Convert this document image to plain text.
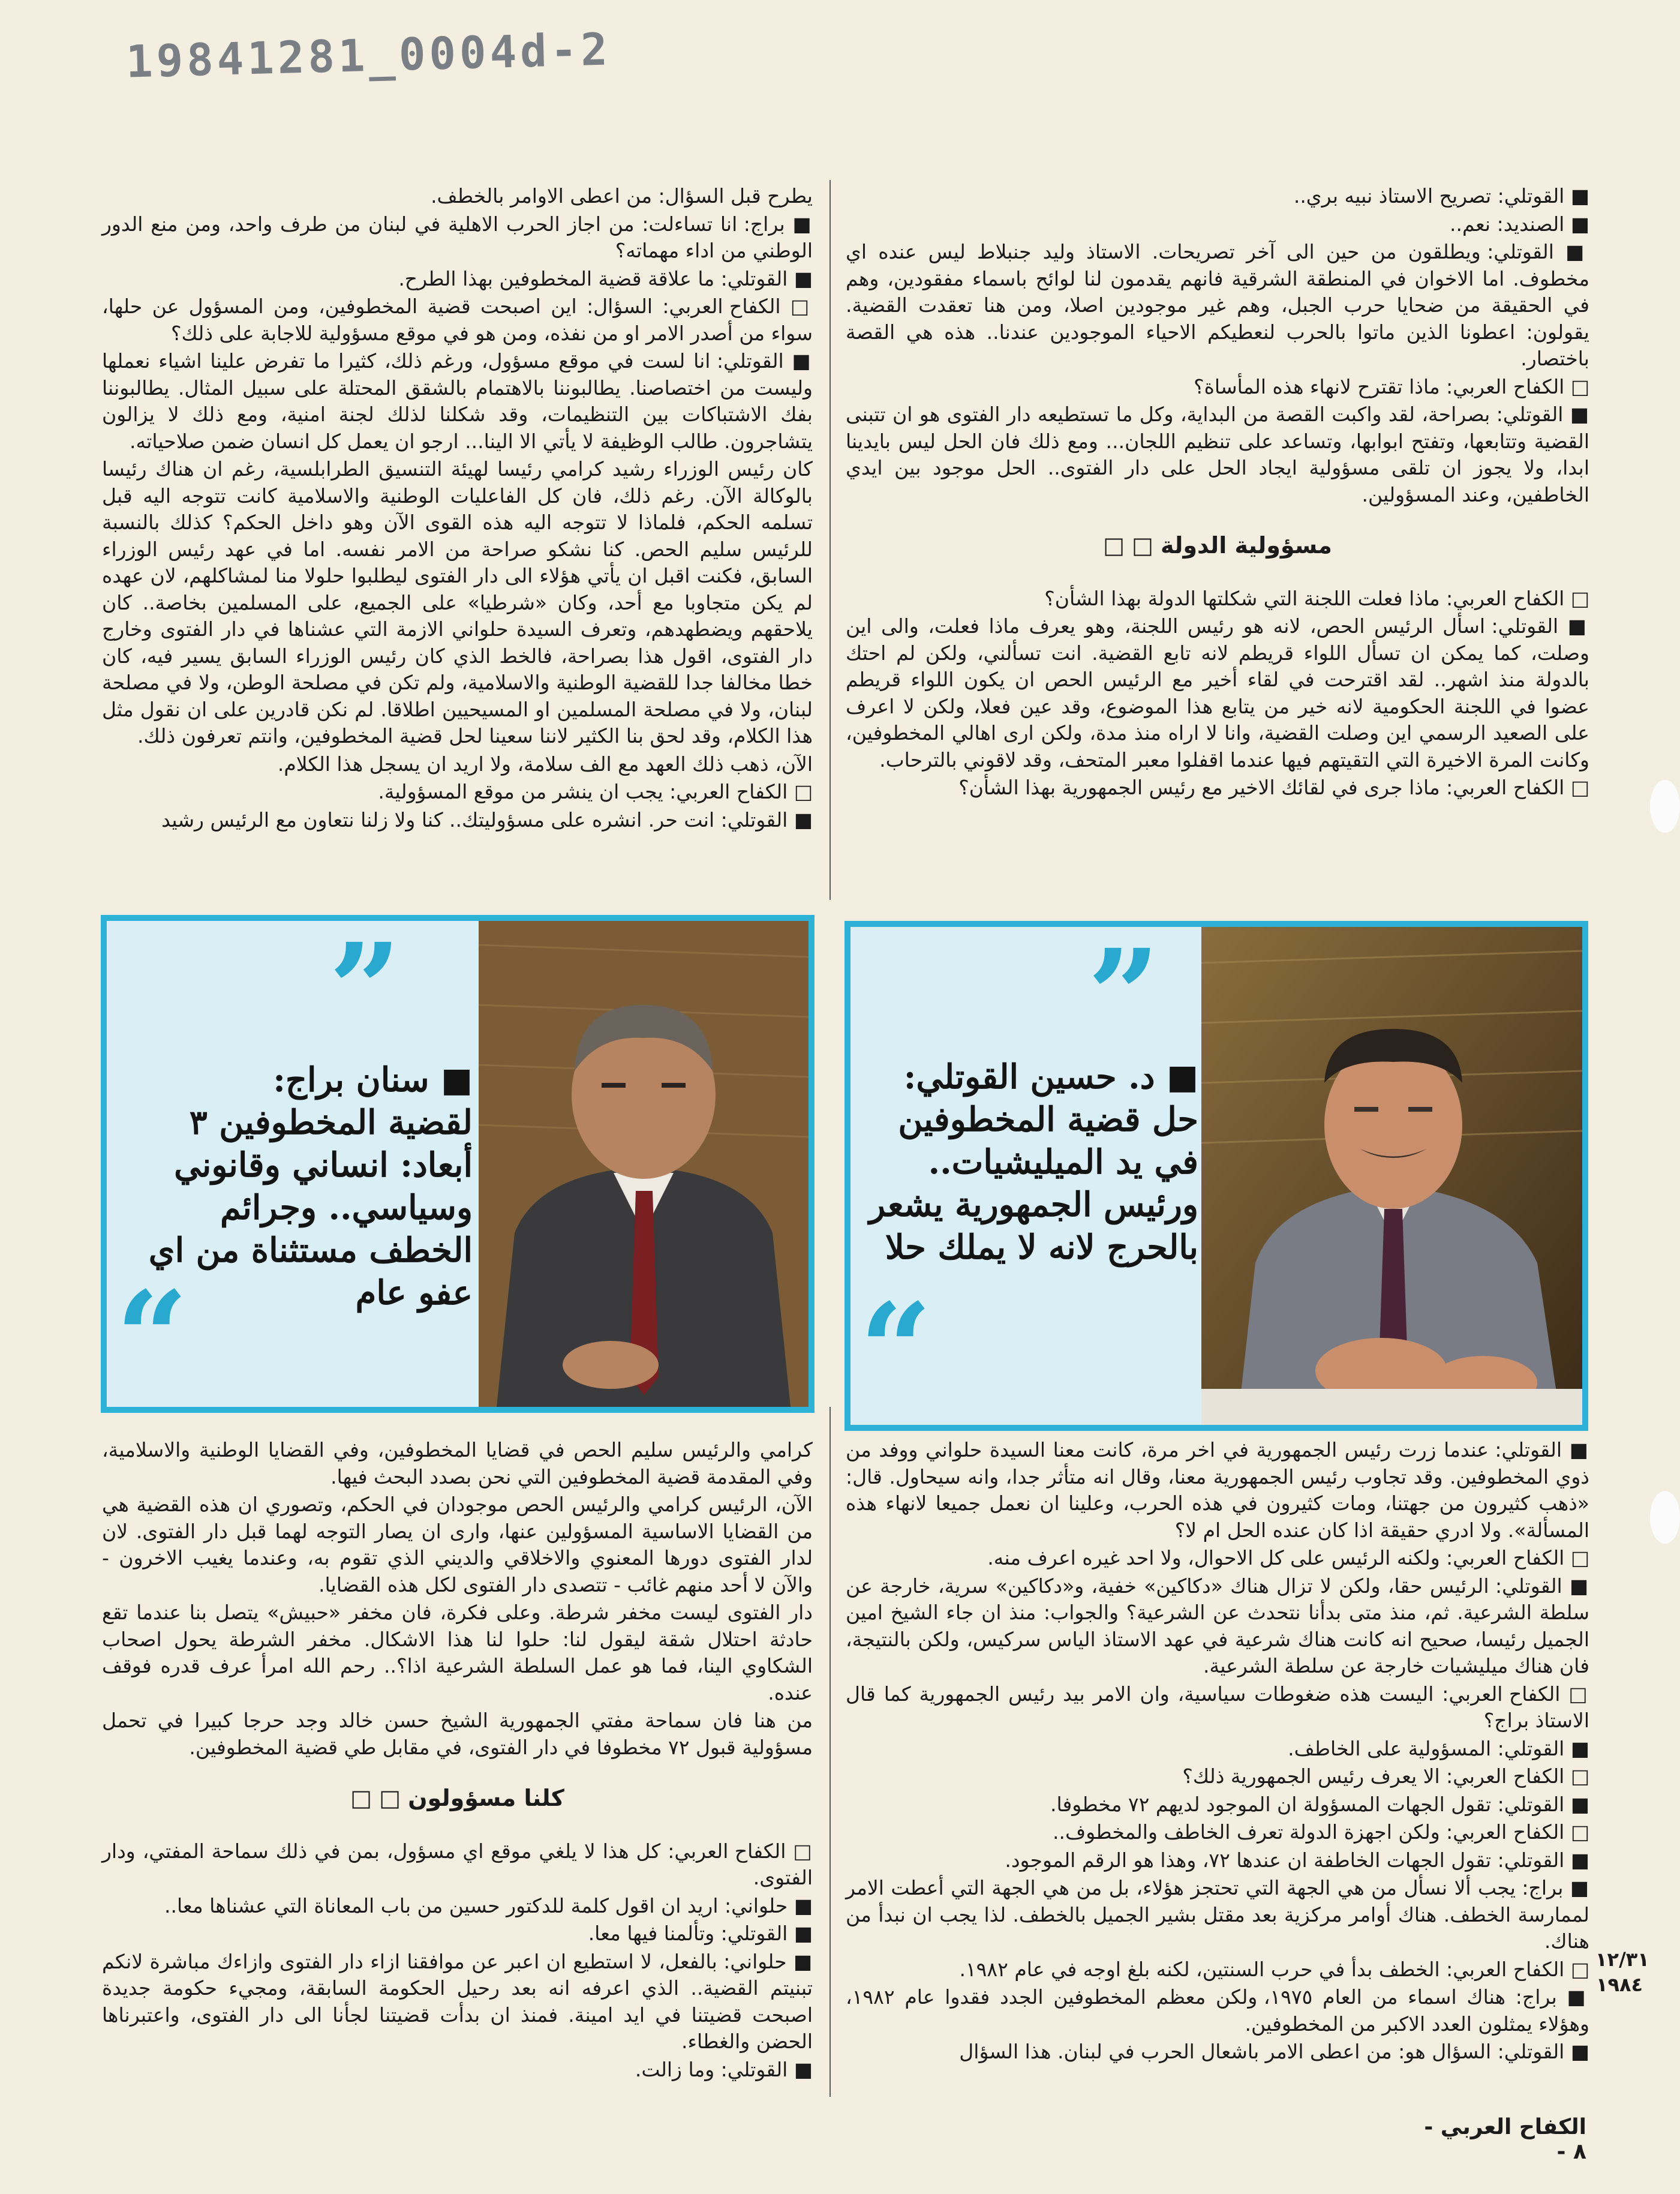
19841281_0004d-2

■ القوتلي: تصريح الاستاذ نبيه بري..

■ الصنديد: نعم..

■ القوتلي: ويطلقون من حين الى آخر تصريحات. الاستاذ وليد جنبلاط ليس عنده اي مخطوف. اما الاخوان في المنطقة الشرقية فانهم يقدمون لنا لوائح باسماء مفقودين، وهم في الحقيقة من ضحايا حرب الجبل، وهم غير موجودين اصلا، ومن هنا تعقدت القضية. يقولون: اعطونا الذين ماتوا بالحرب لنعطيكم الاحياء الموجودين عندنا.. هذه هي القصة باختصار.

□ الكفاح العربي: ماذا تقترح لانهاء هذه المأساة؟

■ القوتلي: بصراحة، لقد واكبت القصة من البداية، وكل ما تستطيعه دار الفتوى هو ان تتبنى القضية وتتابعها، وتفتح ابوابها، وتساعد على تنظيم اللجان... ومع ذلك فان الحل ليس بايدينا ابدا، ولا يجوز ان تلقى مسؤولية ايجاد الحل على دار الفتوى.. الحل موجود بين ايدي الخاطفين، وعند المسؤولين.

مسؤولية الدولة □ □

□ الكفاح العربي: ماذا فعلت اللجنة التي شكلتها الدولة بهذا الشأن؟

■ القوتلي: اسأل الرئيس الحص، لانه هو رئيس اللجنة، وهو يعرف ماذا فعلت، والى اين وصلت، كما يمكن ان تسأل اللواء قريطم لانه تابع القضية. انت تسألني، ولكن لم احتك بالدولة منذ اشهر.. لقد اقترحت في لقاء أخير مع الرئيس الحص ان يكون اللواء قريطم عضوا في اللجنة الحكومية لانه خير من يتابع هذا الموضوع، وقد عين فعلا، ولكن لا اعرف على الصعيد الرسمي اين وصلت القضية، وانا لا اراه منذ مدة، ولكن ارى اهالي المخطوفين، وكانت المرة الاخيرة التي التقيتهم فيها عندما اقفلوا معبر المتحف، وقد لاقوني بالترحاب.

□ الكفاح العربي: ماذا جرى في لقائك الاخير مع رئيس الجمهورية بهذا الشأن؟

يطرح قبل السؤال: من اعطى الاوامر بالخطف.

■ براج: انا تساءلت: من اجاز الحرب الاهلية في لبنان من طرف واحد، ومن منع الدور الوطني من اداء مهماته؟

■ القوتلي: ما علاقة قضية المخطوفين بهذا الطرح.

□ الكفاح العربي: السؤال: اين اصبحت قضية المخطوفين، ومن المسؤول عن حلها، سواء من أصدر الامر او من نفذه، ومن هو في موقع مسؤولية للاجابة على ذلك؟

■ القوتلي: انا لست في موقع مسؤول، ورغم ذلك، كثيرا ما تفرض علينا اشياء نعملها وليست من اختصاصنا. يطالبوننا بالاهتمام بالشقق المحتلة على سبيل المثال. يطالبوننا بفك الاشتباكات بين التنظيمات، وقد شكلنا لذلك لجنة امنية، ومع ذلك لا يزالون يتشاجرون. طالب الوظيفة لا يأتي الا الينا... ارجو ان يعمل كل انسان ضمن صلاحياته.

كان رئيس الوزراء رشيد كرامي رئيسا لهيئة التنسيق الطرابلسية، رغم ان هناك رئيسا بالوكالة الآن. رغم ذلك، فان كل الفاعليات الوطنية والاسلامية كانت تتوجه اليه قبل تسلمه الحكم، فلماذا لا تتوجه اليه هذه القوى الآن وهو داخل الحكم؟ كذلك بالنسبة للرئيس سليم الحص. كنا نشكو صراحة من الامر نفسه. اما في عهد رئيس الوزراء السابق، فكنت اقبل ان يأتي هؤلاء الى دار الفتوى ليطلبوا حلولا منا لمشاكلهم، لان عهده لم يكن متجاوبا مع أحد، وكان «شرطيا» على الجميع، على المسلمين بخاصة.. كان يلاحقهم ويضطهدهم، وتعرف السيدة حلواني الازمة التي عشناها في دار الفتوى وخارج دار الفتوى، اقول هذا بصراحة، فالخط الذي كان رئيس الوزراء السابق يسير فيه، كان خطا مخالفا جدا للقضية الوطنية والاسلامية، ولم تكن في مصلحة الوطن، ولا في مصلحة لبنان، ولا في مصلحة المسلمين او المسيحيين اطلاقا. لم نكن قادرين على ان نقول مثل هذا الكلام، وقد لحق بنا الكثير لاننا سعينا لحل قضية المخطوفين، وانتم تعرفون ذلك.

الآن، ذهب ذلك العهد مع الف سلامة، ولا اريد ان يسجل هذا الكلام.

□ الكفاح العربي: يجب ان ينشر من موقع المسؤولية.

■ القوتلي: انت حر. انشره على مسؤوليتك.. كنا ولا زلنا نتعاون مع الرئيس رشيد

”
■ د. حسين القوتلي:
حل قضية المخطوفين في يد الميليشيات.. ورئيس الجمهورية يشعر بالحرج لانه لا يملك حلا
“
”
■ سنان براج:
لقضية المخطوفين ٣ أبعاد: انساني وقانوني وسياسي.. وجرائم الخطف مستثناة من اي عفو عام
“

■ القوتلي: عندما زرت رئيس الجمهورية في اخر مرة، كانت معنا السيدة حلواني ووفد من ذوي المخطوفين. وقد تجاوب رئيس الجمهورية معنا، وقال انه متأثر جدا، وانه سيحاول. قال: «ذهب كثيرون من جهتنا، ومات كثيرون في هذه الحرب، وعلينا ان نعمل جميعا لانهاء هذه المسألة». ولا ادري حقيقة اذا كان عنده الحل ام لا؟

□ الكفاح العربي: ولكنه الرئيس على كل الاحوال، ولا احد غيره اعرف منه.

■ القوتلي: الرئيس حقا، ولكن لا تزال هناك «دكاكين» خفية، و«دكاكين» سرية، خارجة عن سلطة الشرعية. ثم، منذ متى بدأنا نتحدث عن الشرعية؟ والجواب: منذ ان جاء الشيخ امين الجميل رئيسا، صحيح انه كانت هناك شرعية في عهد الاستاذ الياس سركيس، ولكن بالنتيجة، فان هناك ميليشيات خارجة عن سلطة الشرعية.

□ الكفاح العربي: اليست هذه ضغوطات سياسية، وان الامر بيد رئيس الجمهورية كما قال الاستاذ براج؟

■ القوتلي: المسؤولية على الخاطف.

□ الكفاح العربي: الا يعرف رئيس الجمهورية ذلك؟

■ القوتلي: تقول الجهات المسؤولة ان الموجود لديهم ٧٢ مخطوفا.

□ الكفاح العربي: ولكن اجهزة الدولة تعرف الخاطف والمخطوف..

■ القوتلي: تقول الجهات الخاطفة ان عندها ٧٢، وهذا هو الرقم الموجود.

■ براج: يجب ألا نسأل من هي الجهة التي تحتجز هؤلاء، بل من هي الجهة التي أعطت الامر لممارسة الخطف. هناك أوامر مركزية بعد مقتل بشير الجميل بالخطف. لذا يجب ان نبدأ من هناك.

□ الكفاح العربي: الخطف بدأ في حرب السنتين، لكنه بلغ اوجه في عام ١٩٨٢.

■ براج: هناك اسماء من العام ١٩٧٥، ولكن معظم المخطوفين الجدد فقدوا عام ١٩٨٢، وهؤلاء يمثلون العدد الاكبر من المخطوفين.

■ القوتلي: السؤال هو: من اعطى الامر باشعال الحرب في لبنان. هذا السؤال

كرامي والرئيس سليم الحص في قضايا المخطوفين، وفي القضايا الوطنية والاسلامية، وفي المقدمة قضية المخطوفين التي نحن بصدد البحث فيها.

الآن، الرئيس كرامي والرئيس الحص موجودان في الحكم، وتصوري ان هذه القضية هي من القضايا الاساسية المسؤولين عنها، وارى ان يصار التوجه لهما قبل دار الفتوى. لان لدار الفتوى دورها المعنوي والاخلاقي والديني الذي تقوم به، وعندما يغيب الاخرون - والآن لا أحد منهم غائب - تتصدى دار الفتوى لكل هذه القضايا.

دار الفتوى ليست مخفر شرطة. وعلى فكرة، فان مخفر «حبيش» يتصل بنا عندما تقع حادثة احتلال شقة ليقول لنا: حلوا لنا هذا الاشكال. مخفر الشرطة يحول اصحاب الشكاوي الينا، فما هو عمل السلطة الشرعية اذا؟.. رحم الله امرأ عرف قدره فوقف عنده.

من هنا فان سماحة مفتي الجمهورية الشيخ حسن خالد وجد حرجا كبيرا في تحمل مسؤولية قبول ٧٢ مخطوفا في دار الفتوى، في مقابل طي قضية المخطوفين.

كلنا مسؤولون □ □

□ الكفاح العربي: كل هذا لا يلغي موقع اي مسؤول، بمن في ذلك سماحة المفتي، ودار الفتوى.

■ حلواني: اريد ان اقول كلمة للدكتور حسين من باب المعاناة التي عشناها معا..

■ القوتلي: وتألمنا فيها معا.

■ حلواني: بالفعل، لا استطيع ان اعبر عن موافقنا ازاء دار الفتوى وازاءك مباشرة لانكم تبنيتم القضية.. الذي اعرفه انه بعد رحيل الحكومة السابقة، ومجيء حكومة جديدة اصبحت قضيتنا في ايد امينة. فمنذ ان بدأت قضيتنا لجأنا الى دار الفتوى، واعتبرناها الحضن والغطاء.

■ القوتلي: وما زالت.

١٢/٣١
١٩٨٤
الكفاح العربي - ٨ -
